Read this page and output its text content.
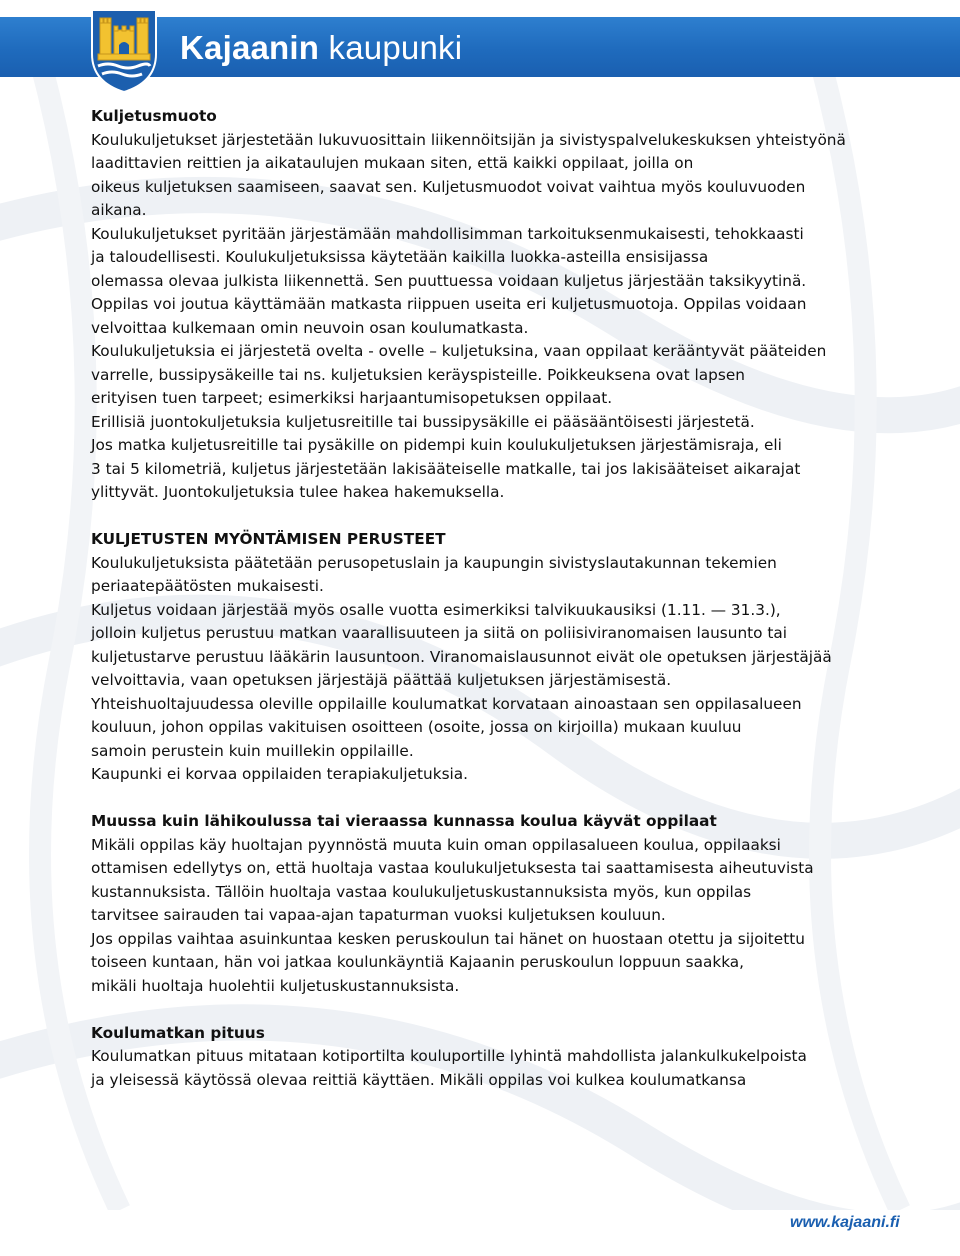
Kajaanin kaupunki
Kuljetusmuoto
Koulukuljetukset järjestetään lukuvuosittain liikennöitsijän ja sivistyspalvelukeskuksen yhteistyönä
laadittavien reittien ja aikataulujen mukaan siten, että kaikki oppilaat, joilla on
oikeus kuljetuksen saamiseen, saavat sen. Kuljetusmuodot voivat vaihtua myös kouluvuoden
aikana.
Koulukuljetukset pyritään järjestämään mahdollisimman tarkoituksenmukaisesti, tehokkaasti
ja taloudellisesti. Koulukuljetuksissa käytetään kaikilla luokka-asteilla ensisijassa
olemassa olevaa julkista liikennettä. Sen puuttuessa voidaan kuljetus järjestään taksikyytinä.
Oppilas voi joutua käyttämään matkasta riippuen useita eri kuljetusmuotoja. Oppilas voidaan
velvoittaa kulkemaan omin neuvoin osan koulumatkasta.
Koulukuljetuksia ei järjestetä ovelta - ovelle – kuljetuksina, vaan oppilaat kerääntyvät pääteiden
varrelle, bussipysäkeille tai ns. kuljetuksien keräyspisteille. Poikkeuksena ovat lapsen
erityisen tuen tarpeet; esimerkiksi harjaantumisopetuksen oppilaat.
Erillisiä juontokuljetuksia kuljetusreitille tai bussipysäkille ei pääsääntöisesti järjestetä.
Jos matka kuljetusreitille tai pysäkille on pidempi kuin koulukuljetuksen järjestämisraja, eli
3 tai 5 kilometriä, kuljetus järjestetään lakisääteiselle matkalle, tai jos lakisääteiset aikarajat
ylittyvät. Juontokuljetuksia tulee hakea hakemuksella.
KULJETUSTEN MYÖNTÄMISEN PERUSTEET
Koulukuljetuksista päätetään perusopetuslain ja kaupungin sivistyslautakunnan tekemien
periaatepäätösten mukaisesti.
Kuljetus voidaan järjestää myös osalle vuotta esimerkiksi talvikuukausiksi (1.11. — 31.3.),
jolloin kuljetus perustuu matkan vaarallisuuteen ja siitä on poliisiviranomaisen lausunto tai
kuljetustarve perustuu lääkärin lausuntoon. Viranomaislausunnot eivät ole opetuksen järjestäjää
velvoittavia, vaan opetuksen järjestäjä päättää kuljetuksen järjestämisestä.
Yhteishuoltajuudessa oleville oppilaille koulumatkat korvataan ainoastaan sen oppilasalueen
kouluun, johon oppilas vakituisen osoitteen (osoite, jossa on kirjoilla) mukaan kuuluu
samoin perustein kuin muillekin oppilaille.
Kaupunki ei korvaa oppilaiden terapiakuljetuksia.
Muussa kuin lähikoulussa tai vieraassa kunnassa koulua käyvät oppilaat
Mikäli oppilas käy huoltajan pyynnöstä muuta kuin oman oppilasalueen koulua, oppilaaksi
ottamisen edellytys on, että huoltaja vastaa koulukuljetuksesta tai saattamisesta aiheutuvista
kustannuksista. Tällöin huoltaja vastaa koulukuljetuskustannuksista myös, kun oppilas
tarvitsee sairauden tai vapaa-ajan tapaturman vuoksi kuljetuksen kouluun.
Jos oppilas vaihtaa asuinkuntaa kesken peruskoulun tai hänet on huostaan otettu ja sijoitettu
toiseen kuntaan, hän voi jatkaa koulunkäyntiä Kajaanin peruskoulun loppuun saakka,
mikäli huoltaja huolehtii kuljetuskustannuksista.
Koulumatkan pituus
Koulumatkan pituus mitataan kotiportilta kouluportille lyhintä mahdollista jalankulkukelpoista
ja yleisessä käytössä olevaa reittiä käyttäen. Mikäli oppilas voi kulkea koulumatkansa
www.kajaani.fi
